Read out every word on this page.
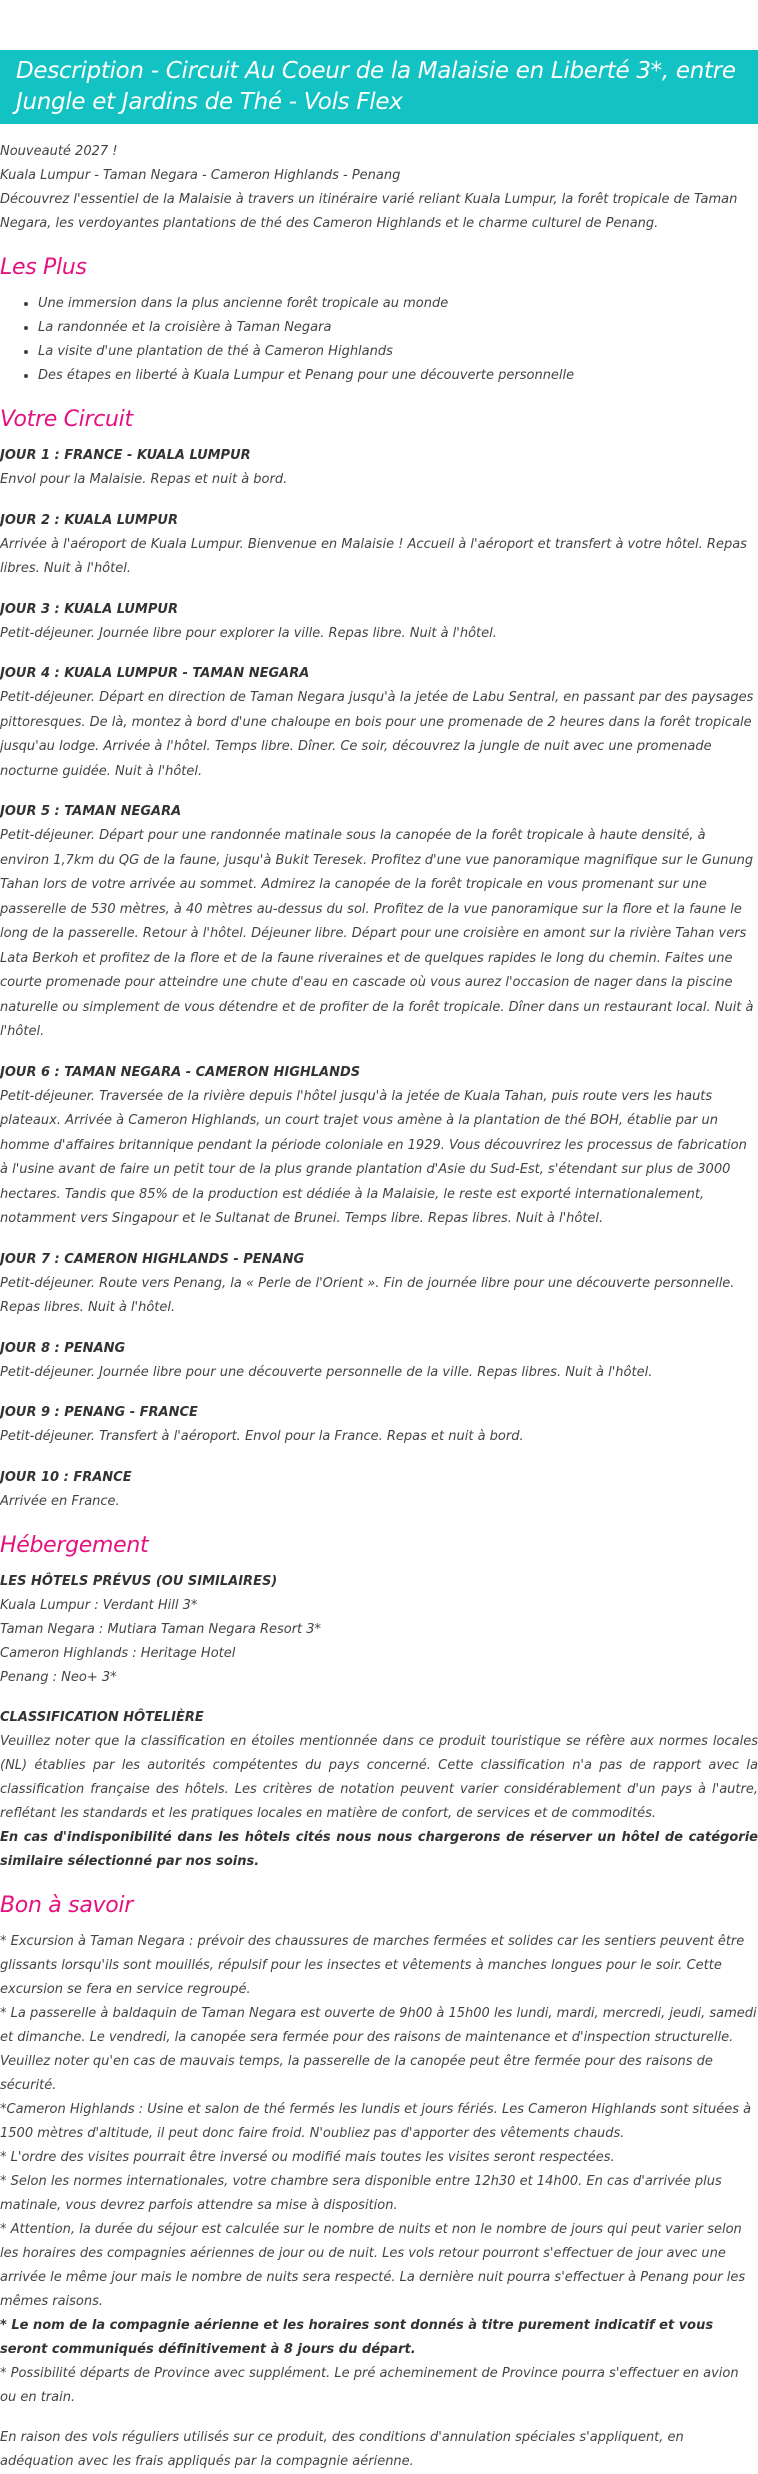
Description - Circuit Au Coeur de la Malaisie en Liberté 3*, entre Jungle et Jardins de Thé - Vols Flex

Nouveauté 2027 !

Kuala Lumpur - Taman Negara - Cameron Highlands - Penang

Découvrez l'essentiel de la Malaisie à travers un itinéraire varié reliant Kuala Lumpur, la forêt tropicale de Taman Negara, les verdoyantes plantations de thé des Cameron Highlands et le charme culturel de Penang.

Les Plus
• Une immersion dans la plus ancienne forêt tropicale au monde
• La randonnée et la croisière à Taman Negara
• La visite d'une plantation de thé à Cameron Highlands
• Des étapes en liberté à Kuala Lumpur et Penang pour une découverte personnelle
Votre Circuit
JOUR 1 : FRANCE - KUALA LUMPUR

Envol pour la Malaisie. Repas et nuit à bord.

JOUR 2 : KUALA LUMPUR

Arrivée à l'aéroport de Kuala Lumpur. Bienvenue en Malaisie ! Accueil à l'aéroport et transfert à votre hôtel. Repas libres. Nuit à l'hôtel.

JOUR 3 : KUALA LUMPUR

Petit-déjeuner. Journée libre pour explorer la ville. Repas libre. Nuit à l'hôtel.

JOUR 4 : KUALA LUMPUR - TAMAN NEGARA

Petit-déjeuner. Départ en direction de Taman Negara jusqu'à la jetée de Labu Sentral, en passant par des paysages pittoresques. De là, montez à bord d'une chaloupe en bois pour une promenade de 2 heures dans la forêt tropicale jusqu'au lodge. Arrivée à l'hôtel. Temps libre. Dîner. Ce soir, découvrez la jungle de nuit avec une promenade nocturne guidée. Nuit à l'hôtel.

JOUR 5 : TAMAN NEGARA

Petit-déjeuner. Départ pour une randonnée matinale sous la canopée de la forêt tropicale à haute densité, à environ 1,7km du QG de la faune, jusqu'à Bukit Teresek. Profitez d'une vue panoramique magnifique sur le Gunung Tahan lors de votre arrivée au sommet. Admirez la canopée de la forêt tropicale en vous promenant sur une passerelle de 530 mètres, à 40 mètres au-dessus du sol. Profitez de la vue panoramique sur la flore et la faune le long de la passerelle. Retour à l'hôtel. Déjeuner libre. Départ pour une croisière en amont sur la rivière Tahan vers Lata Berkoh et profitez de la flore et de la faune riveraines et de quelques rapides le long du chemin. Faites une courte promenade pour atteindre une chute d'eau en cascade où vous aurez l'occasion de nager dans la piscine naturelle ou simplement de vous détendre et de profiter de la forêt tropicale. Dîner dans un restaurant local. Nuit à l'hôtel.

JOUR 6 : TAMAN NEGARA - CAMERON HIGHLANDS

Petit-déjeuner. Traversée de la rivière depuis l'hôtel jusqu'à la jetée de Kuala Tahan, puis route vers les hauts plateaux. Arrivée à Cameron Highlands, un court trajet vous amène à la plantation de thé BOH, établie par un homme d'affaires britannique pendant la période coloniale en 1929. Vous découvrirez les processus de fabrication à l'usine avant de faire un petit tour de la plus grande plantation d'Asie du Sud-Est, s'étendant sur plus de 3000 hectares. Tandis que 85% de la production est dédiée à la Malaisie, le reste est exporté internationalement, notamment vers Singapour et le Sultanat de Brunei. Temps libre. Repas libres. Nuit à l'hôtel.

JOUR 7 : CAMERON HIGHLANDS - PENANG

Petit-déjeuner. Route vers Penang, la « Perle de l'Orient ». Fin de journée libre pour une découverte personnelle. Repas libres. Nuit à l'hôtel.

JOUR 8 : PENANG

Petit-déjeuner. Journée libre pour une découverte personnelle de la ville. Repas libres. Nuit à l'hôtel.

JOUR 9 : PENANG - FRANCE

Petit-déjeuner. Transfert à l'aéroport. Envol pour la France. Repas et nuit à bord.

JOUR 10 : FRANCE

Arrivée en France.

Hébergement
LES HÔTELS PRÉVUS (OU SIMILAIRES)

Kuala Lumpur : Verdant Hill 3*

Taman Negara : Mutiara Taman Negara Resort 3*

Cameron Highlands : Heritage Hotel

Penang : Neo+ 3*

CLASSIFICATION HÔTELIÈRE

Veuillez noter que la classification en étoiles mentionnée dans ce produit touristique se réfère aux normes locales (NL) établies par les autorités compétentes du pays concerné. Cette classification n'a pas de rapport avec la classification française des hôtels. Les critères de notation peuvent varier considérablement d'un pays à l'autre, reflétant les standards et les pratiques locales en matière de confort, de services et de commodités.

En cas d'indisponibilité dans les hôtels cités nous nous chargerons de réserver un hôtel de catégorie similaire sélectionné par nos soins.

Bon à savoir

* Excursion à Taman Negara : prévoir des chaussures de marches fermées et solides car les sentiers peuvent être glissants lorsqu'ils sont mouillés, répulsif pour les insectes et vêtements à manches longues pour le soir. Cette excursion se fera en service regroupé.

* La passerelle à baldaquin de Taman Negara est ouverte de 9h00 à 15h00 les lundi, mardi, mercredi, jeudi, samedi et dimanche. Le vendredi, la canopée sera fermée pour des raisons de maintenance et d'inspection structurelle. Veuillez noter qu'en cas de mauvais temps, la passerelle de la canopée peut être fermée pour des raisons de sécurité.

*Cameron Highlands : Usine et salon de thé fermés les lundis et jours fériés. Les Cameron Highlands sont situées à 1500 mètres d'altitude, il peut donc faire froid. N'oubliez pas d'apporter des vêtements chauds.

* L'ordre des visites pourrait être inversé ou modifié mais toutes les visites seront respectées.

* Selon les normes internationales, votre chambre sera disponible entre 12h30 et 14h00. En cas d'arrivée plus matinale, vous devrez parfois attendre sa mise à disposition.

* Attention, la durée du séjour est calculée sur le nombre de nuits et non le nombre de jours qui peut varier selon les horaires des compagnies aériennes de jour ou de nuit. Les vols retour pourront s'effectuer de jour avec une arrivée le même jour mais le nombre de nuits sera respecté. La dernière nuit pourra s'effectuer à Penang pour les mêmes raisons.

* Le nom de la compagnie aérienne et les horaires sont donnés à titre purement indicatif et vous seront communiqués définitivement à 8 jours du départ.

* Possibilité départs de Province avec supplément. Le pré acheminement de Province pourra s'effectuer en avion ou en train.

En raison des vols réguliers utilisés sur ce produit, des conditions d'annulation spéciales s'appliquent, en adéquation avec les frais appliqués par la compagnie aérienne.
